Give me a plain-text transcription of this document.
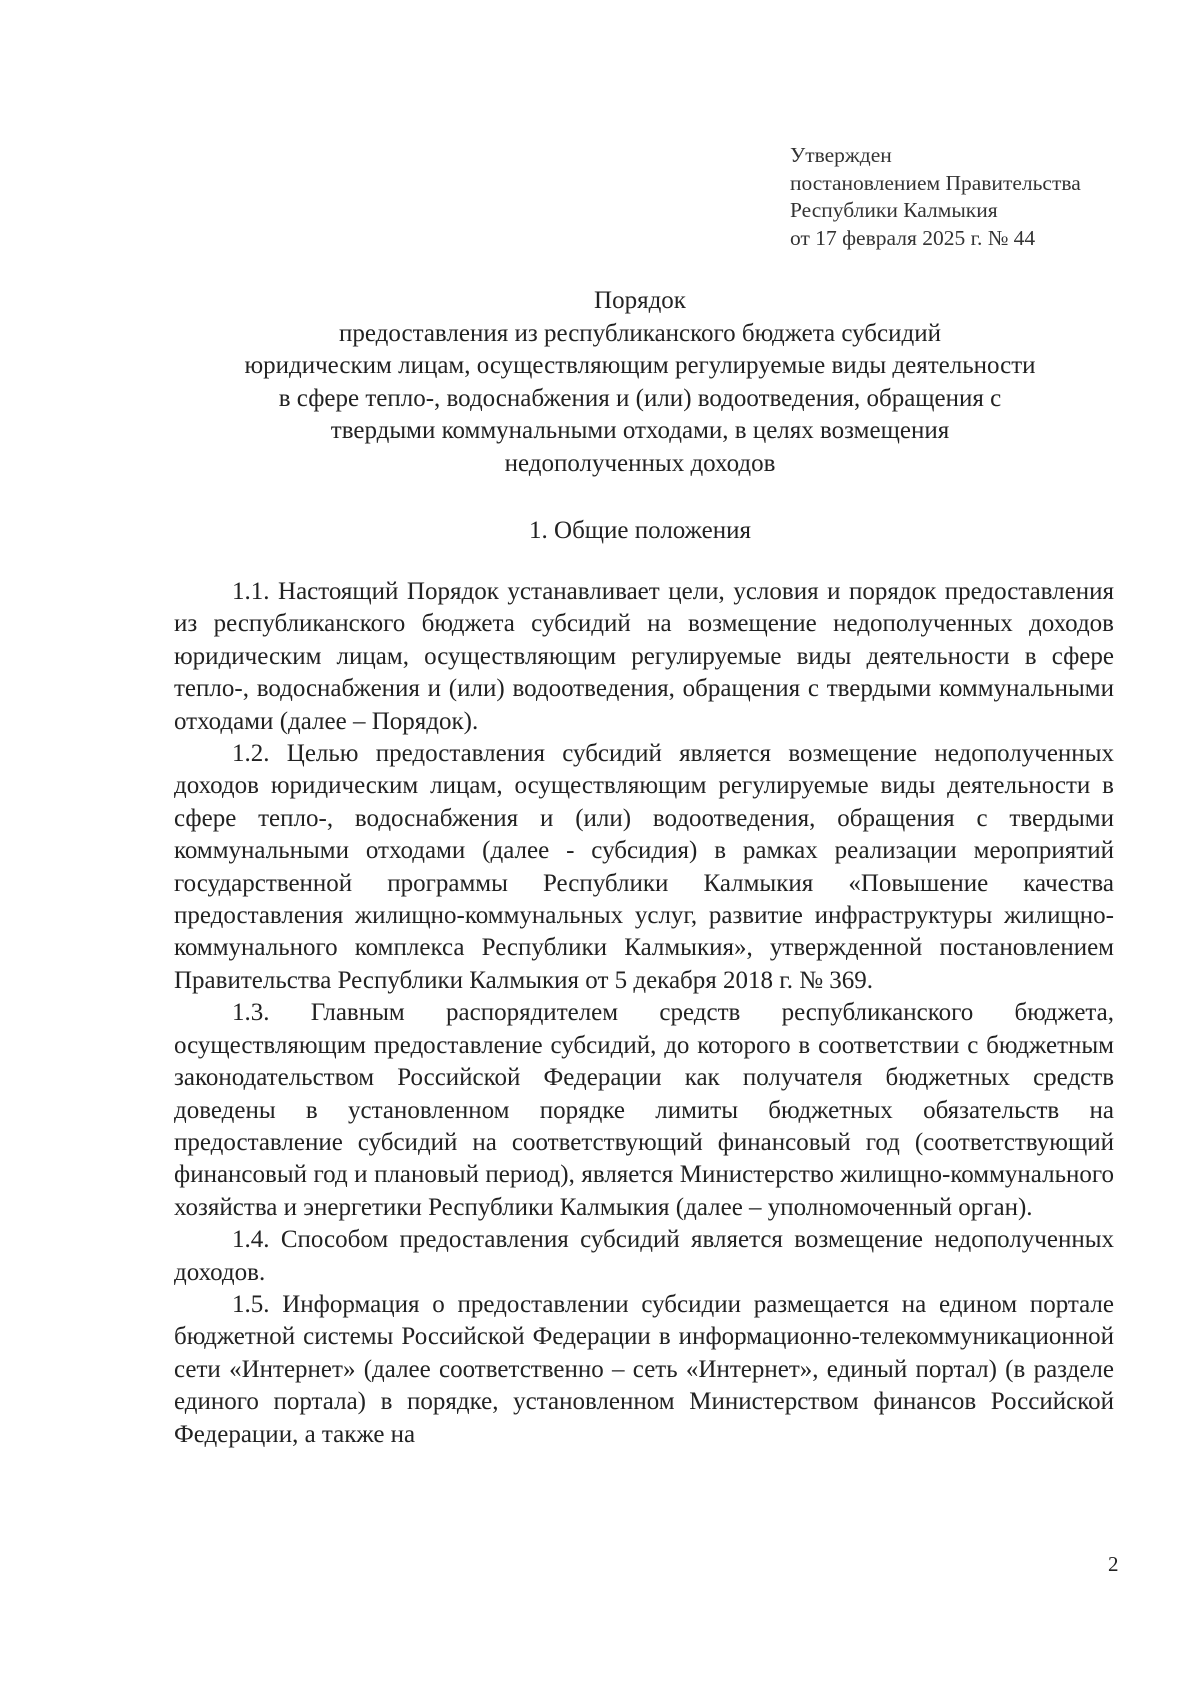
Утвержден
постановлением Правительства
Республики Калмыкия
от 17 февраля 2025 г. № 44
Порядок
предоставления из республиканского бюджета субсидий
юридическим лицам, осуществляющим регулируемые виды деятельности
в сфере тепло-, водоснабжения и (или) водоотведения, обращения с
твердыми коммунальными отходами, в целях возмещения
недополученных доходов
1. Общие положения

1.1. Настоящий Порядок устанавливает цели, условия и порядок предоставления из республиканского бюджета субсидий на возмещение недополученных доходов юридическим лицам, осуществляющим регулируемые виды деятельности в сфере тепло-, водоснабжения и (или) водоотведения, обращения с твердыми коммунальными отходами (далее – Порядок).

1.2. Целью предоставления субсидий является возмещение недополученных доходов юридическим лицам, осуществляющим регулируемые виды деятельности в сфере тепло-, водоснабжения и (или) водоотведения, обращения с твердыми коммунальными отходами (далее - субсидия) в рамках реализации мероприятий государственной программы Республики Калмыкия «Повышение качества предоставления жилищно-коммунальных услуг, развитие инфраструктуры жилищно-коммунального комплекса Республики Калмыкия», утвержденной постановлением Правительства Республики Калмыкия от 5 декабря 2018 г. № 369.

1.3. Главным распорядителем средств республиканского бюджета, осуществляющим предоставление субсидий, до которого в соответствии с бюджетным законодательством Российской Федерации как получателя бюджетных средств доведены в установленном порядке лимиты бюджетных обязательств на предоставление субсидий на соответствующий финансовый год (соответствующий финансовый год и плановый период), является Министерство жилищно-коммунального хозяйства и энергетики Республики Калмыкия (далее – уполномоченный орган).

1.4. Способом предоставления субсидий является возмещение недополученных доходов.

1.5. Информация о предоставлении субсидии размещается на едином портале бюджетной системы Российской Федерации в информационно-телекоммуникационной сети «Интернет» (далее соответственно – сеть «Интернет», единый портал) (в разделе единого портала) в порядке, установленном Министерством финансов Российской Федерации, а также на

2
